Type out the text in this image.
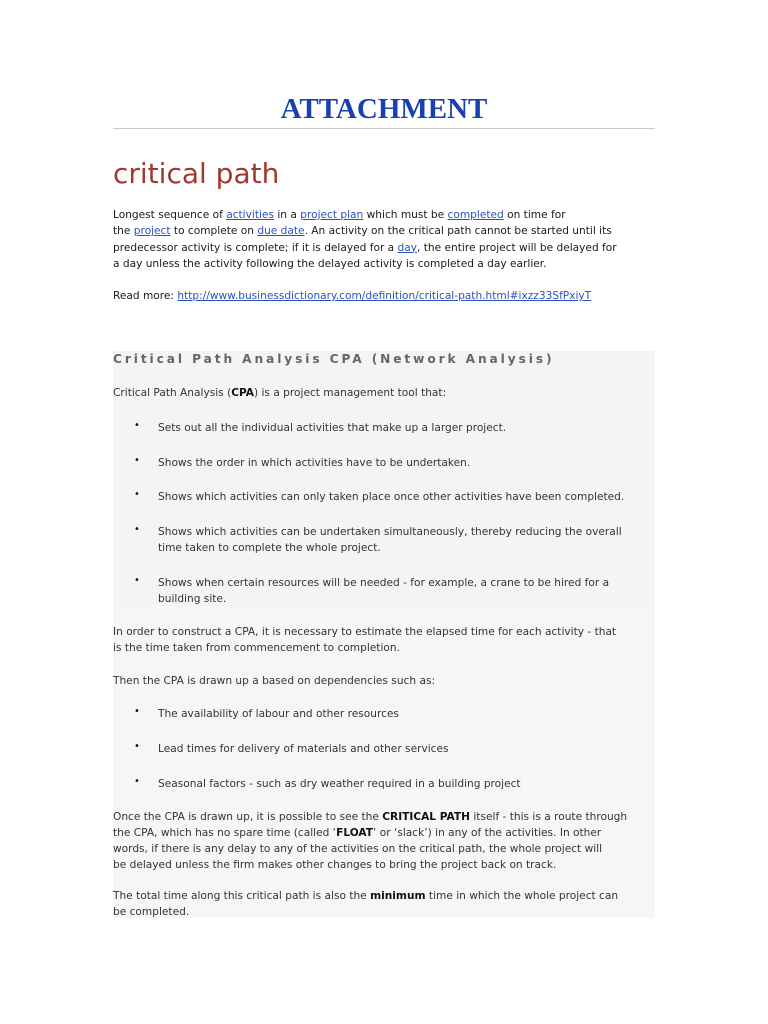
ATTACHMENT
critical path
Longest sequence of activities in a project plan which must be completed on time for
the project to complete on due date. An activity on the critical path cannot be started until its
predecessor activity is complete; if it is delayed for a day, the entire project will be delayed for
a day unless the activity following the delayed activity is completed a day earlier.
Read more: http://www.businessdictionary.com/definition/critical-path.html#ixzz33SfPxiyT
Critical Path Analysis CPA (Network Analysis)
Critical Path Analysis (CPA) is a project management tool that:
• Sets out all the individual activities that make up a larger project.
• Shows the order in which activities have to be undertaken.
• Shows which activities can only taken place once other activities have been completed.
• Shows which activities can be undertaken simultaneously, thereby reducing the overall
time taken to complete the whole project.
• Shows when certain resources will be needed - for example, a crane to be hired for a
building site.
In order to construct a CPA, it is necessary to estimate the elapsed time for each activity - that
is the time taken from commencement to completion.
Then the CPA is drawn up a based on dependencies such as:
• The availability of labour and other resources
• Lead times for delivery of materials and other services
• Seasonal factors - such as dry weather required in a building project
Once the CPA is drawn up, it is possible to see the CRITICAL PATH itself - this is a route through
the CPA, which has no spare time (called ‘FLOAT’ or ‘slack’) in any of the activities. In other
words, if there is any delay to any of the activities on the critical path, the whole project will
be delayed unless the firm makes other changes to bring the project back on track.
The total time along this critical path is also the minimum time in which the whole project can
be completed.
